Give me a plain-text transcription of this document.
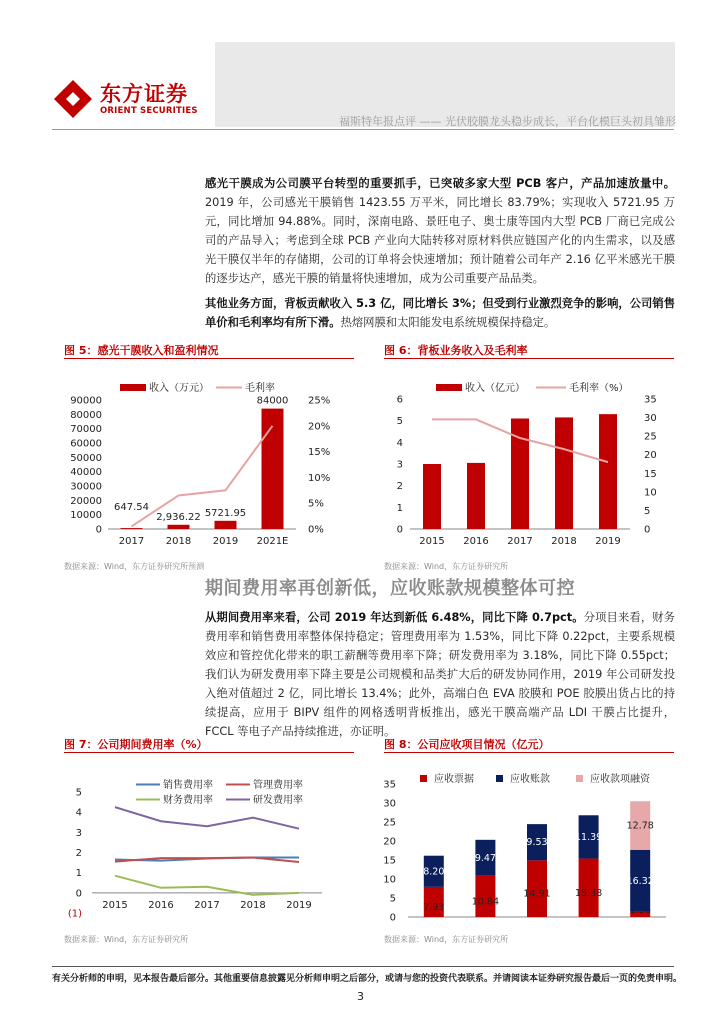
东方证券
ORIENT SECURITIES
福斯特年报点评 —— 光伏胶膜龙头稳步成长，平台化模巨头初具雏形
感光干膜成为公司膜平台转型的重要抓手，已突破多家大型 PCB 客户，产品加速放量中。2019 年，公司感光干膜销售 1423.55 万平米，同比增长 83.79%；实现收入 5721.95 万元，同比增加 94.88%。同时，深南电路、景旺电子、奥士康等国内大型 PCB 厂商已完成公司的产品导入；考虑到全球 PCB 产业向大陆转移对原材料供应链国产化的内生需求，以及感光干膜仅半年的存储期，公司的订单将会快速增加；预计随着公司年产 2.16 亿平米感光干膜的逐步达产，感光干膜的销量将快速增加，成为公司重要产品品类。
其他业务方面，背板贡献收入 5.3 亿，同比增长 3%；但受到行业激烈竞争的影响，公司销售单价和毛利率均有所下滑。热熔网膜和太阳能发电系统规模保持稳定。
图 5：感光干膜收入和盈利情况
0
10000
20000
30000
40000
50000
60000
70000
80000
90000
0%
5%
10%
15%
20%
25%
2017 2018 2019 2021E
647.54
2,936.22 5721.95
84000
收入（万元）	毛利率
数据来源：Wind，东方证券研究所预测
图 6：背板业务收入及毛利率
0
1
2
3
4
5
6
0
5
10
15
20
25
30
35
2015 2016 2017 2018 2019
收入（亿元）	毛利率（%）
数据来源：Wind，东方证券研究所
期间费用率再创新低，应收账款规模整体可控
从期间费用率来看，公司 2019 年达到新低 6.48%，同比下降 0.7pct。分项目来看，财务费用率和销售费用率整体保持稳定；管理费用率为 1.53%，同比下降 0.22pct，主要系规模效应和管控优化带来的职工薪酬等费用率下降；研发费用率为 3.18%，同比下降 0.55pct；我们认为研发费用率下降主要是公司规模和品类扩大后的研发协同作用，2019 年公司研发投入绝对值超过 2 亿，同比增长 13.4%；此外，高端白色 EVA 胶膜和 POE 胶膜出货占比的持续提高，应用于 BIPV 组件的网格透明背板推出，感光干膜高端产品 LDI 干膜占比提升，FCCL 等电子产品持续推进，亦证明。
图 7：公司期间费用率（%）
(1)
0
1
2
3
4
5
2015 2016 2017 2018 2019
销售费用率	管理费用率
财务费用率	研发费用率
数据来源：Wind，东方证券研究所
图 8：公司应收项目情况（亿元）
0
5
10
15
20
25
30
35
7.93
8.20
10.84
9.47
14.91
9.53
15.38
11.39
16.32
12.78
应收票据	应收账款	应收款项融资
数据来源：Wind，东方证券研究所
有关分析师的申明，见本报告最后部分。其他重要信息披露见分析师申明之后部分，或请与您的投资代表联系。并请阅读本证券研究报告最后一页的免责申明。
3
